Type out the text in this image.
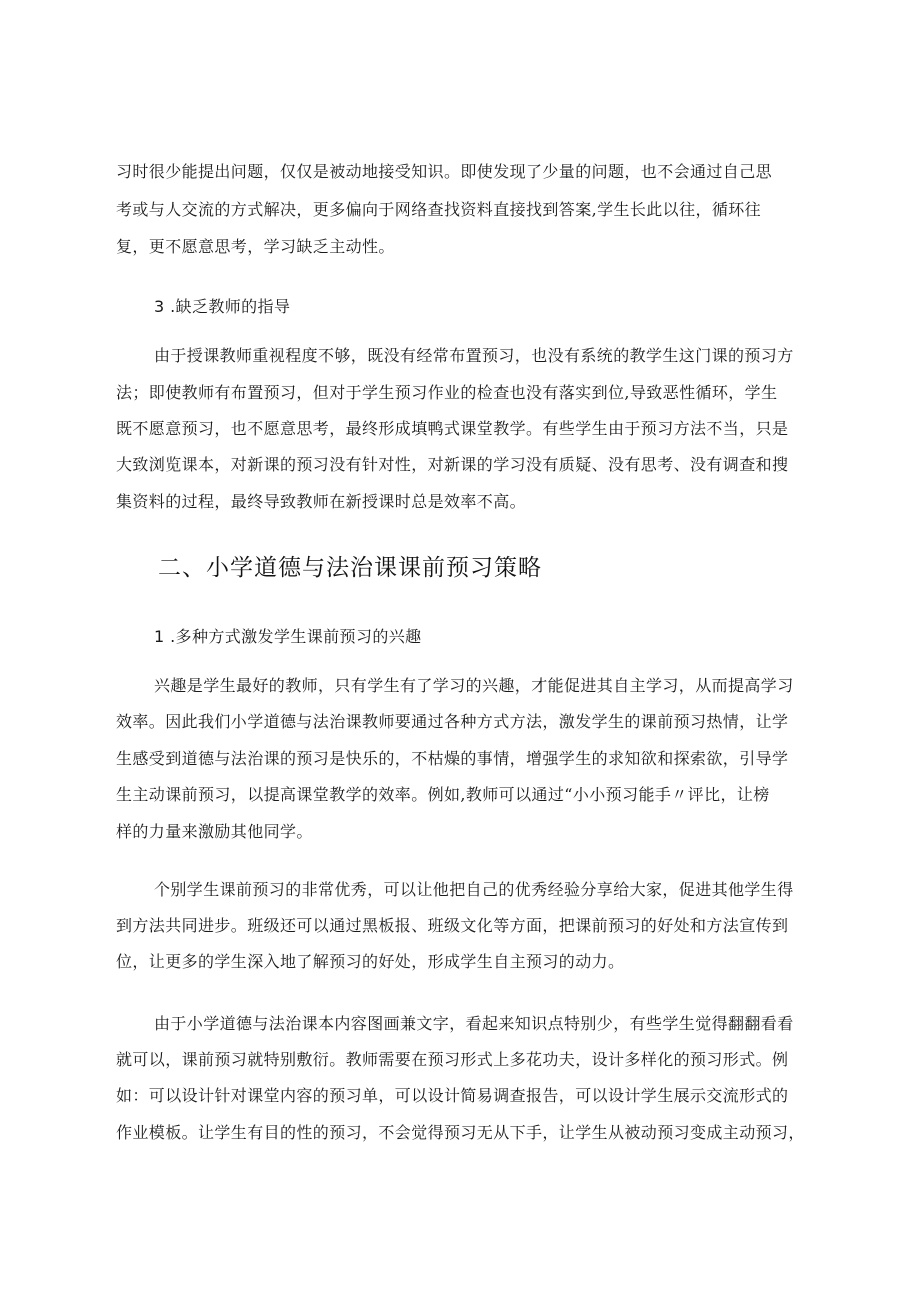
习时很少能提出问题，仅仅是被动地接受知识。即使发现了少量的问题，也不会通过自己思
考或与人交流的方式解决，更多偏向于网络查找资料直接找到答案,学生长此以往，循环往
复，更不愿意思考，学习缺乏主动性。
3 .缺乏教师的指导
由于授课教师重视程度不够，既没有经常布置预习，也没有系统的教学生这门课的预习方
法；即使教师有布置预习，但对于学生预习作业的检查也没有落实到位,导致恶性循环，学生
既不愿意预习，也不愿意思考，最终形成填鸭式课堂教学。有些学生由于预习方法不当，只是
大致浏览课本，对新课的预习没有针对性，对新课的学习没有质疑、没有思考、没有调查和搜
集资料的过程，最终导致教师在新授课时总是效率不高。
二、小学道德与法治课课前预习策略
1 .多种方式激发学生课前预习的兴趣
兴趣是学生最好的教师，只有学生有了学习的兴趣，才能促进其自主学习，从而提高学习
效率。因此我们小学道德与法治课教师要通过各种方式方法，激发学生的课前预习热情，让学
生感受到道德与法治课的预习是快乐的，不枯燥的事情，增强学生的求知欲和探索欲，引导学
生主动课前预习，以提高课堂教学的效率。例如,教师可以通过“小小预习能手〃评比，让榜
样的力量来激励其他同学。
个别学生课前预习的非常优秀，可以让他把自己的优秀经验分享给大家，促进其他学生得
到方法共同进步。班级还可以通过黑板报、班级文化等方面，把课前预习的好处和方法宣传到
位，让更多的学生深入地了解预习的好处，形成学生自主预习的动力。
由于小学道德与法治课本内容图画兼文字，看起来知识点特别少，有些学生觉得翻翻看看
就可以，课前预习就特别敷衍。教师需要在预习形式上多花功夫，设计多样化的预习形式。例
如：可以设计针对课堂内容的预习单，可以设计简易调查报告，可以设计学生展示交流形式的
作业模板。让学生有目的性的预习，不会觉得预习无从下手，让学生从被动预习变成主动预习，
